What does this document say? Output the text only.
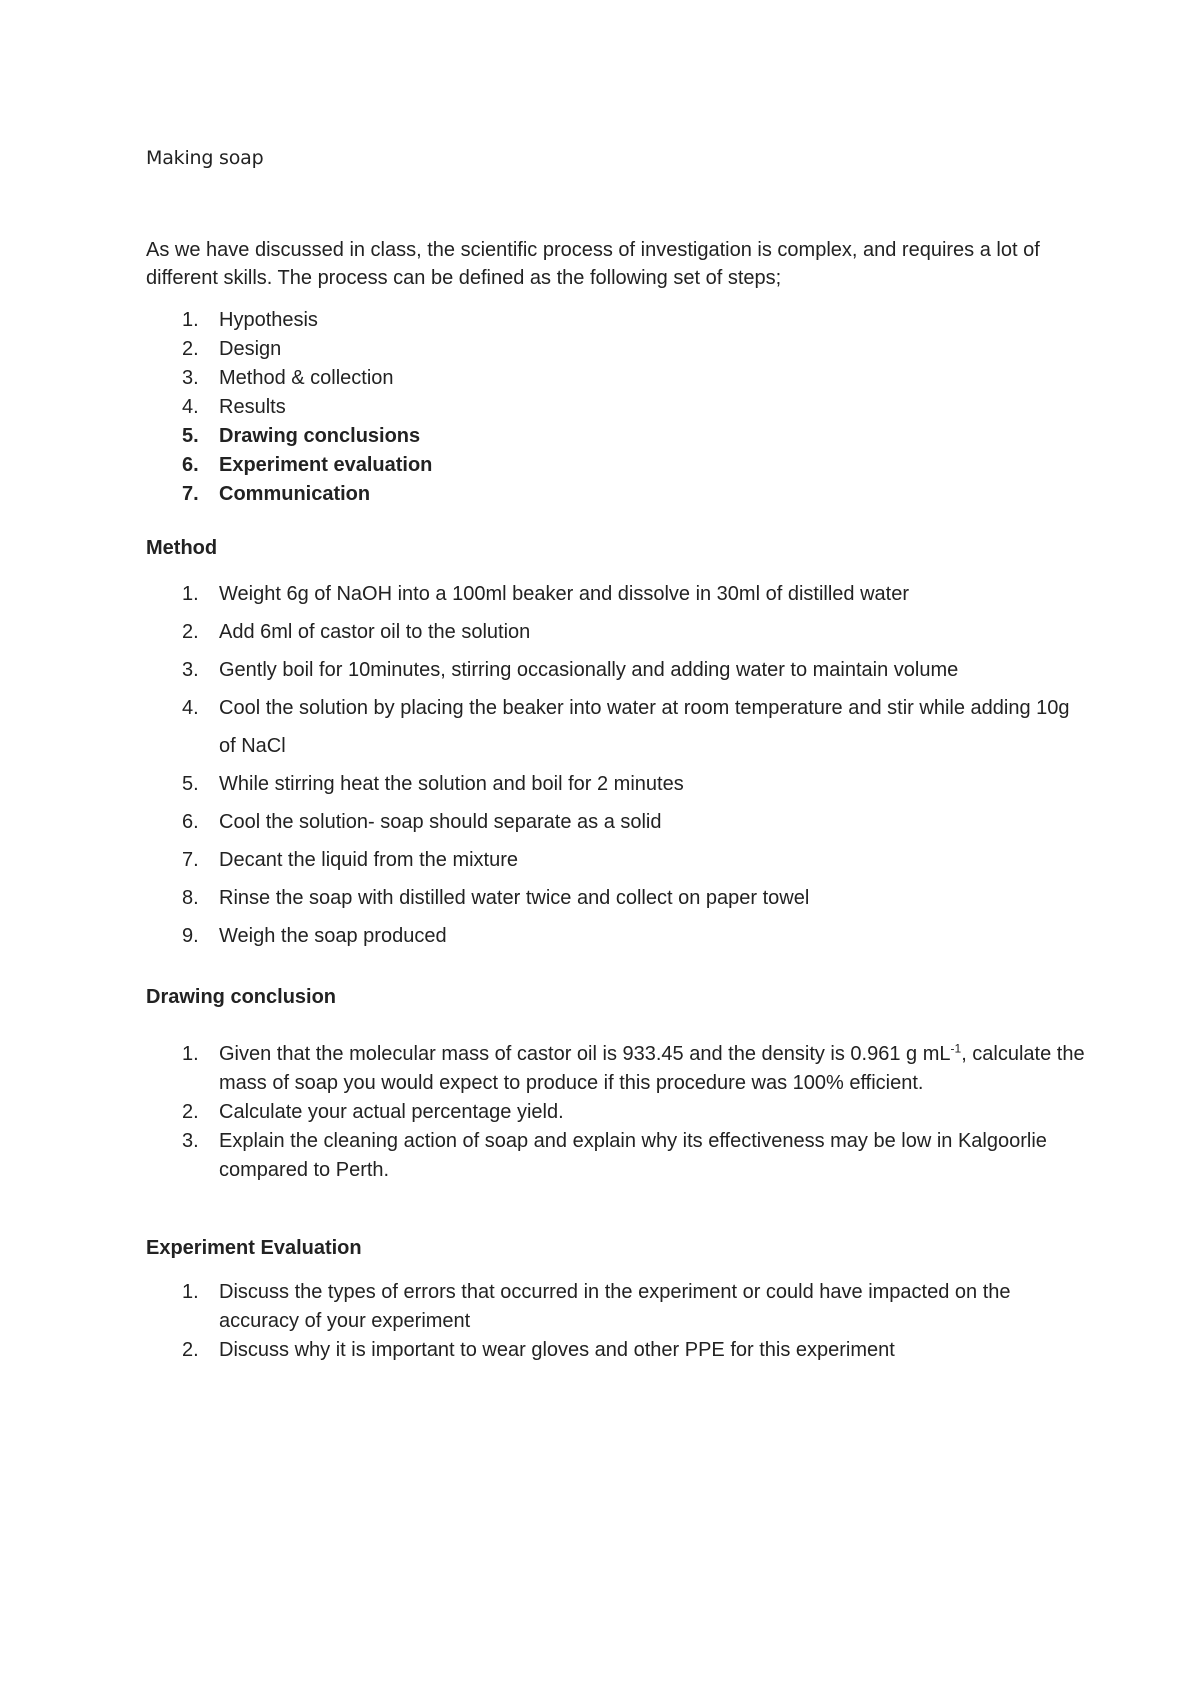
Making soap

As we have discussed in class, the scientific process of investigation is complex, and requires a lot of different skills. The process can be defined as the following set of steps;

1. Hypothesis
2. Design
3. Method & collection
4. Results
5. Drawing conclusions
6. Experiment evaluation
7. Communication
Method
1. Weight 6g of NaOH into a 100ml beaker and dissolve in 30ml of distilled water
2. Add 6ml of castor oil to the solution
3. Gently boil for 10minutes, stirring occasionally and adding water to maintain volume
4. Cool the solution by placing the beaker into water at room temperature and stir while adding 10g of NaCl
5. While stirring heat the solution and boil for 2 minutes
6. Cool the solution- soap should separate as a solid
7. Decant the liquid from the mixture
8. Rinse the soap with distilled water twice and collect on paper towel
9. Weigh the soap produced
Drawing conclusion
1. Given that the molecular mass of castor oil is 933.45 and the density is 0.961 g $mL^{-1}$, calculate the mass of soap you would expect to produce if this procedure was 100% efficient.
2. Calculate your actual percentage yield.
3. Explain the cleaning action of soap and explain why its effectiveness may be low in Kalgoorlie compared to Perth.
Experiment Evaluation
1. Discuss the types of errors that occurred in the experiment or could have impacted on the accuracy of your experiment
2. Discuss why it is important to wear gloves and other PPE for this experiment
